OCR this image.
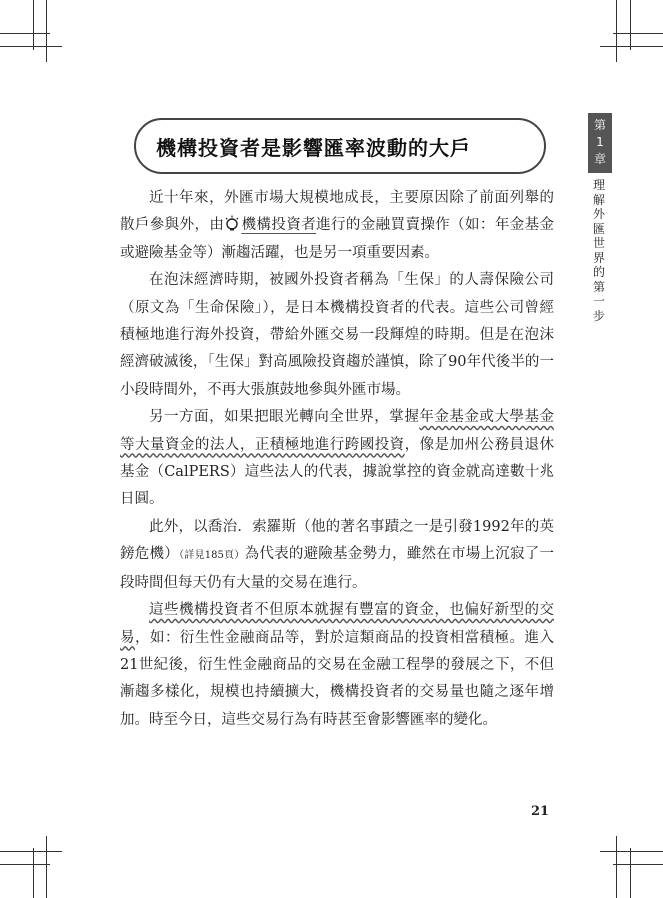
機構投資者是影響匯率波動的大戶
第
1
章
理解外匯世界的第一步

近十年來，外匯市場大規模地成長，主要原因除了前面列舉的散戶參與外，由 機構投資者進行的金融買賣操作（如：年金基金或避險基金等）漸趨活躍，也是另一項重要因素。

在泡沫經濟時期，被國外投資者稱為「生保」的人壽保險公司（原文為「生命保險」），是日本機構投資者的代表。這些公司曾經積極地進行海外投資，帶給外匯交易一段輝煌的時期。但是在泡沫經濟破滅後，「生保」對高風險投資趨於謹慎，除了90年代後半的一小段時間外，不再大張旗鼓地參與外匯市場。

另一方面，如果把眼光轉向全世界，掌握年金基金或大學基金等大量資金的法人，正積極地進行跨國投資，像是加州公務員退休基金（CalPERS）這些法人的代表，據說掌控的資金就高達數十兆日圓。

此外，以喬治．索羅斯（他的著名事蹟之一是引發1992年的英鎊危機）（詳見185頁）為代表的避險基金勢力，雖然在市場上沉寂了一段時間但每天仍有大量的交易在進行。

這些機構投資者不但原本就握有豐富的資金，也偏好新型的交易，如：衍生性金融商品等，對於這類商品的投資相當積極。進入21世紀後，衍生性金融商品的交易在金融工程學的發展之下，不但漸趨多樣化，規模也持續擴大，機構投資者的交易量也隨之逐年增加。時至今日，這些交易行為有時甚至會影響匯率的變化。

21
